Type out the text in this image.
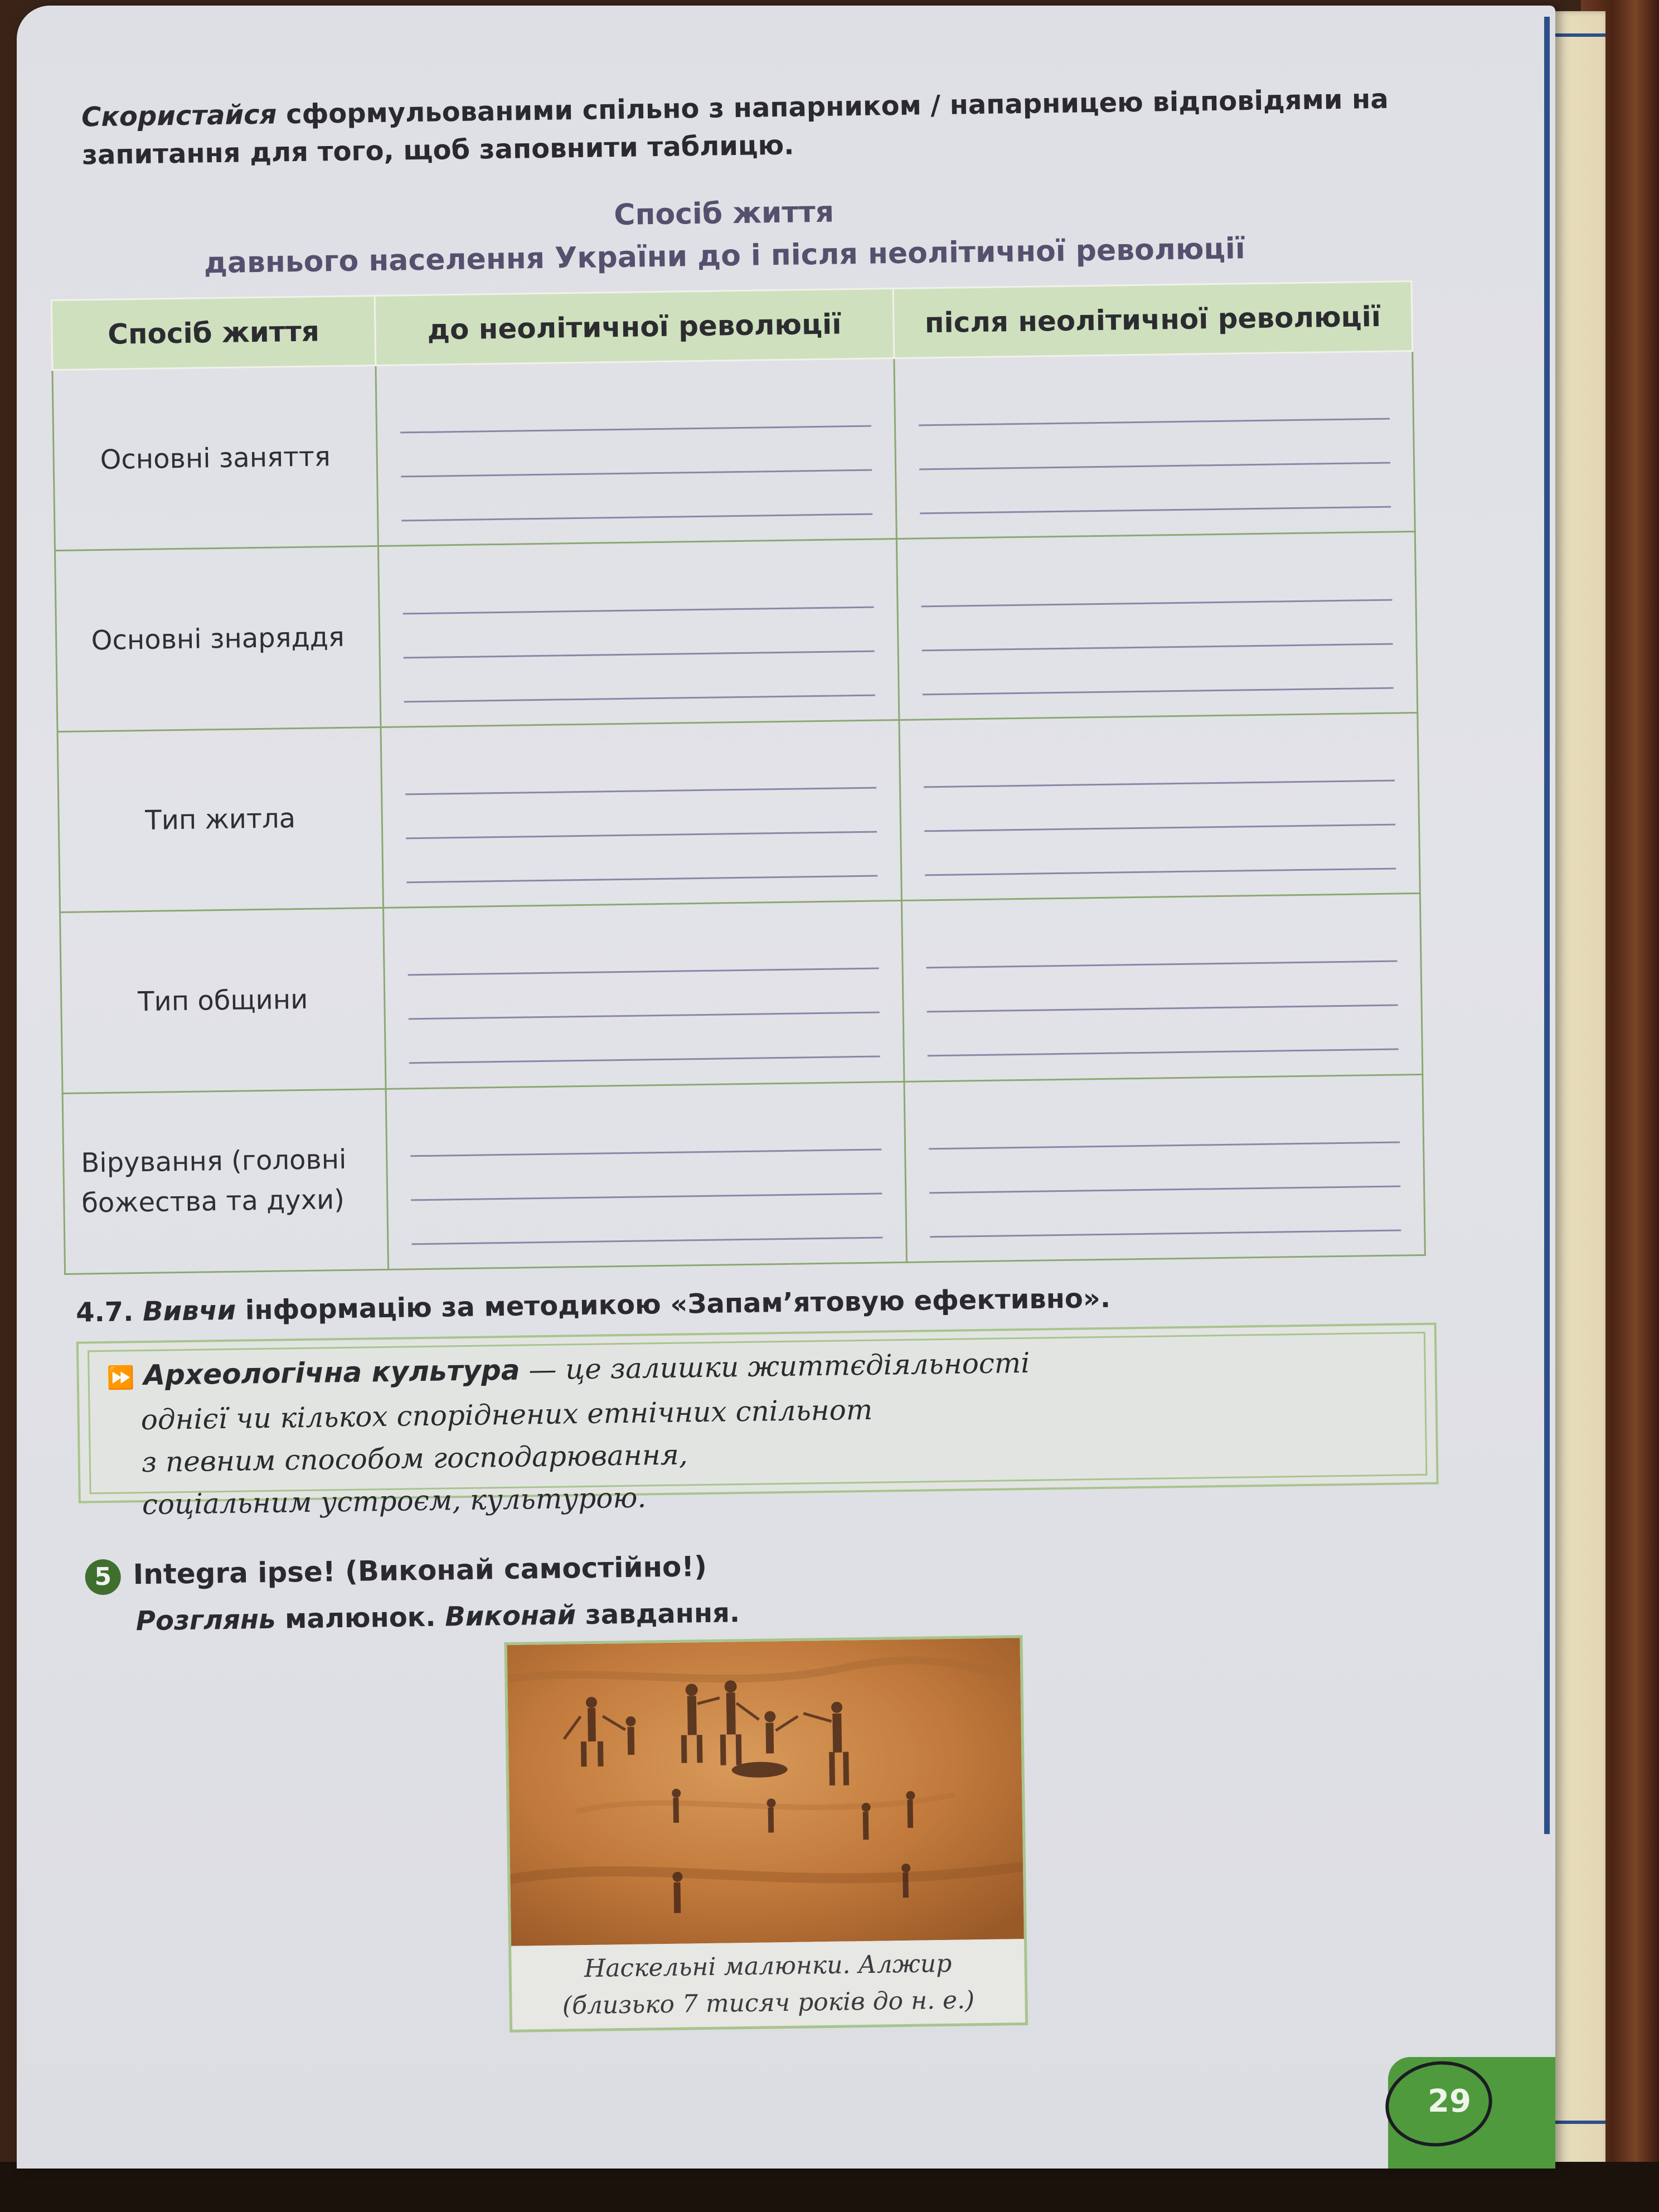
Скористайся сформульованими спільно з напарником / напарницею відповідями на запитання для того, щоб заповнити таблицю.
Спосіб життя
давнього населення України до і після неолітичної революції
Спосіб життя	до неолітичної революції	після неолітичної революції
Основні заняття	

Основні знаряддя	

Тип житла	

Тип общини	

Вірування (головні божества та духи)	

4.7. Вивчи інформацію за методикою «Запам’ятовую ефективно».
⏩ Археологічна культура — це залишки життєдіяльності
однієї чи кількох споріднених етнічних спільнот
з певним способом господарювання,
соціальним устроєм, культурою.
5 Integra ipse! (Виконай самостійно!)
Розглянь малюнок. Виконай завдання.
Наскельні малюнки. Алжир
(близько 7 тисяч років до н. е.)
29
